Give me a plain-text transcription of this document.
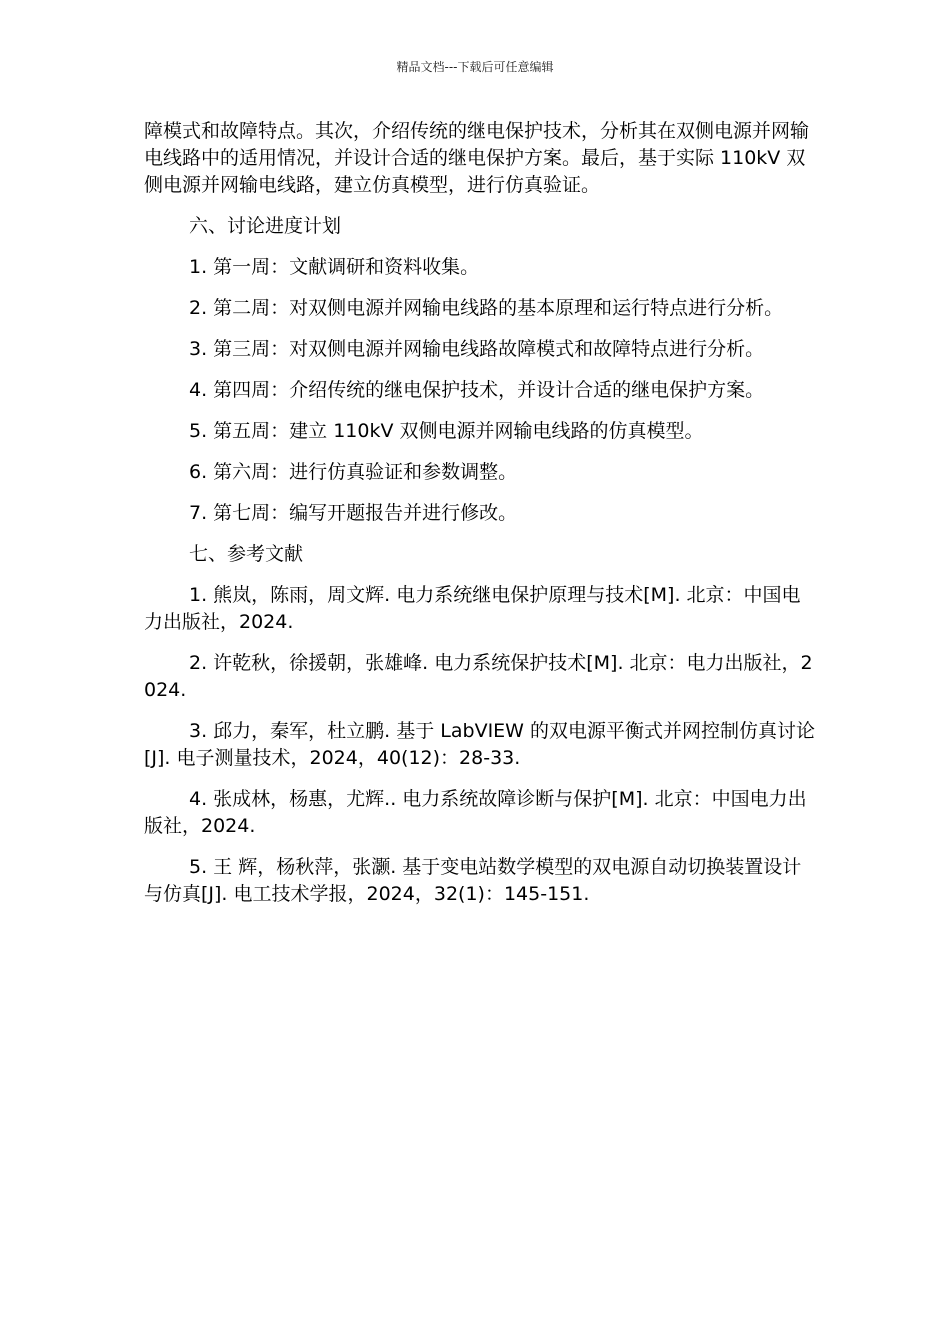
精品文档---下载后可任意编辑

障模式和故障特点。其次，介绍传统的继电保护技术，分析其在双侧电源并网输电线路中的适用情况，并设计合适的继电保护方案。最后，基于实际 110kV 双侧电源并网输电线路，建立仿真模型，进行仿真验证。

六、讨论进度计划

1. 第一周：文献调研和资料收集。

2. 第二周：对双侧电源并网输电线路的基本原理和运行特点进行分析。

3. 第三周：对双侧电源并网输电线路故障模式和故障特点进行分析。

4. 第四周：介绍传统的继电保护技术，并设计合适的继电保护方案。

5. 第五周：建立 110kV 双侧电源并网输电线路的仿真模型。

6. 第六周：进行仿真验证和参数调整。

7. 第七周：编写开题报告并进行修改。

七、参考文献

1. 熊岚，陈雨，周文辉. 电力系统继电保护原理与技术[M]. 北京：中国电力出版社，2024.

2. 许乾秋，徐援朝，张雄峰. 电力系统保护技术[M]. 北京：电力出版社，2024.

3. 邱力，秦军，杜立鹏. 基于 LabVIEW 的双电源平衡式并网控制仿真讨论[J]. 电子测量技术，2024，40(12)：28-33.

4. 张成林，杨惠，尤辉.. 电力系统故障诊断与保护[M]. 北京：中国电力出版社，2024.

5. 王 辉，杨秋萍，张灏. 基于变电站数学模型的双电源自动切换装置设计与仿真[J]. 电工技术学报，2024，32(1)：145-151.
